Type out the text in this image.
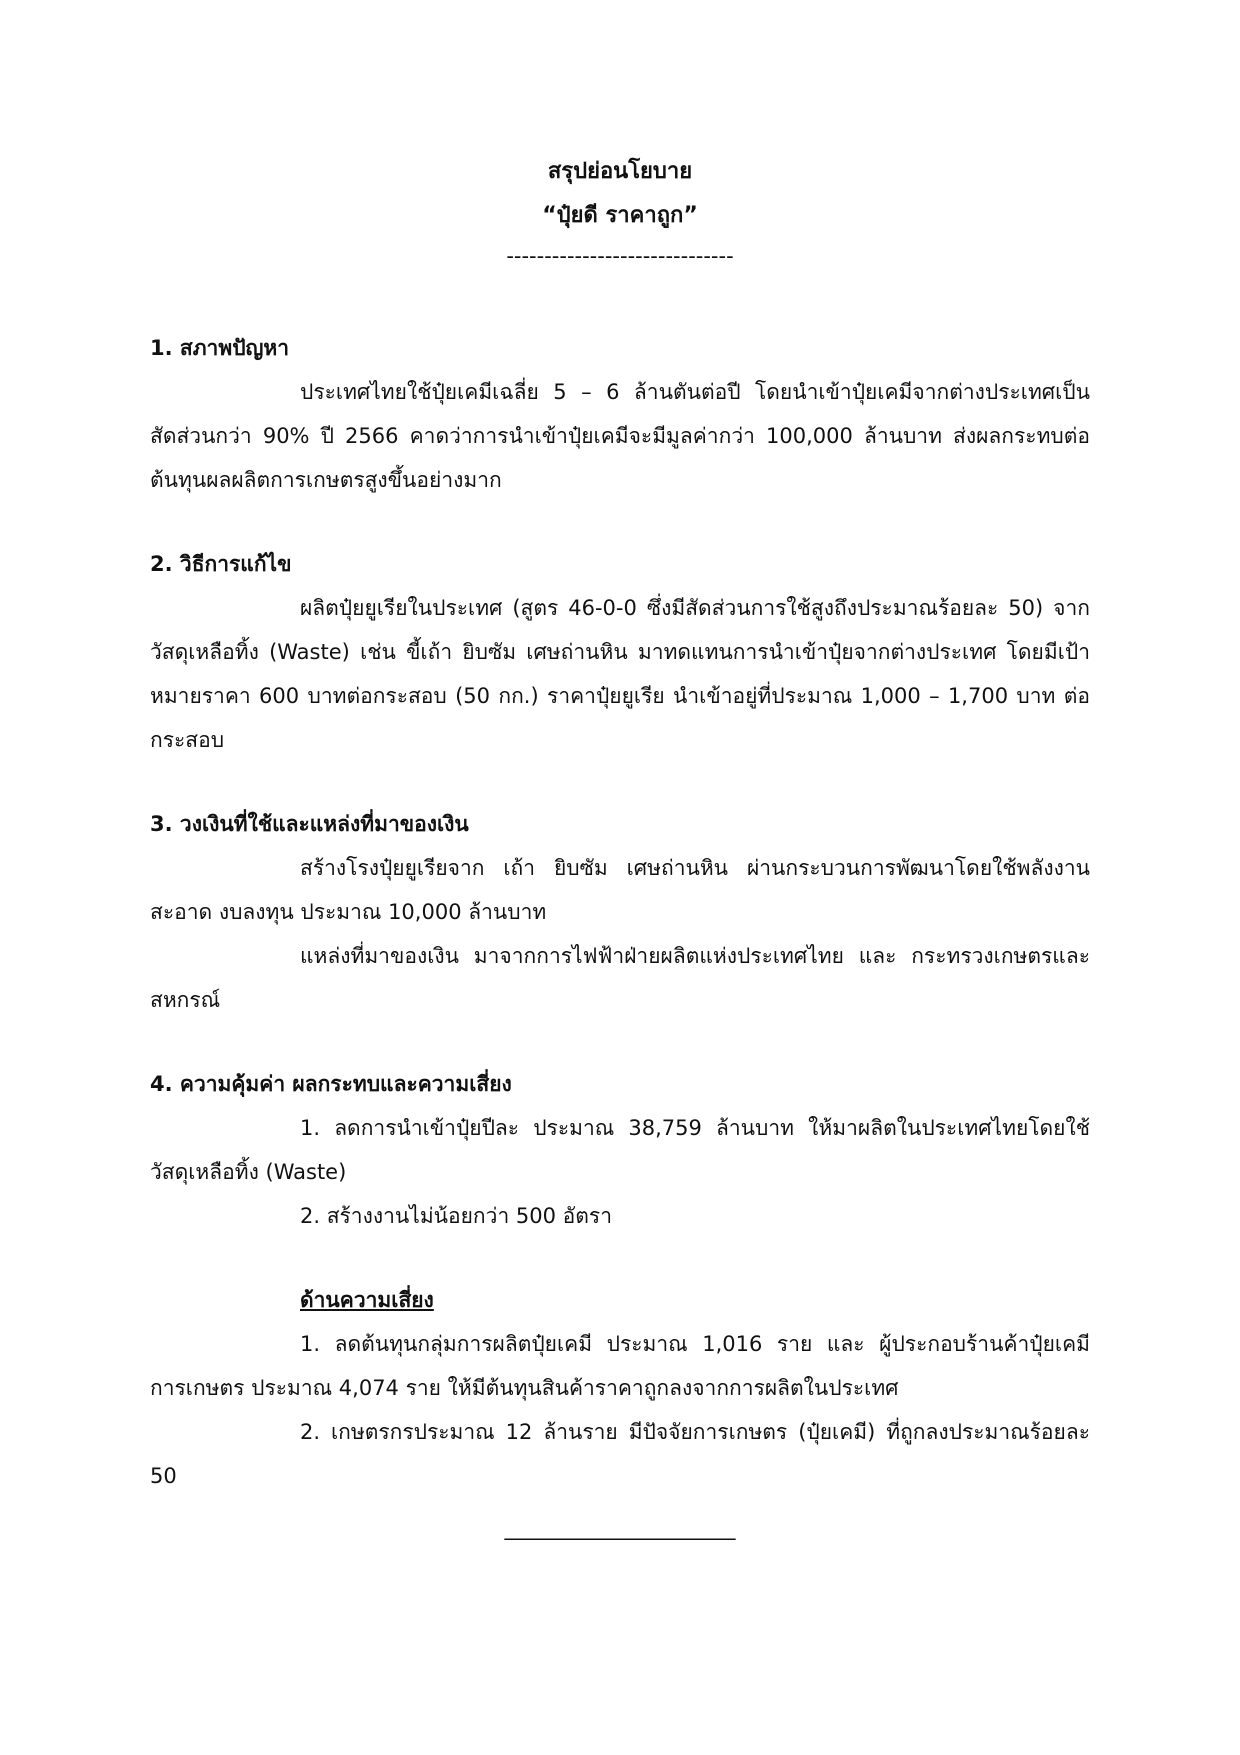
สรุปย่อนโยบาย
“ปุ๋ยดี ราคาถูก”
------------------------------
1. สภาพปัญหา
ประเทศไทยใช้ปุ๋ยเคมีเฉลี่ย 5 – 6 ล้านตันต่อปี โดยนำเข้าปุ๋ยเคมีจากต่างประเทศเป็นสัดส่วนกว่า 90% ปี 2566 คาดว่าการนำเข้าปุ๋ยเคมีจะมีมูลค่ากว่า 100,000 ล้านบาท ส่งผลกระทบต่อต้นทุนผลผลิตการเกษตรสูงขึ้นอย่างมาก
2. วิธีการแก้ไข
ผลิตปุ๋ยยูเรียในประเทศ (สูตร 46-0-0 ซึ่งมีสัดส่วนการใช้สูงถึงประมาณร้อยละ 50) จากวัสดุเหลือทิ้ง (Waste) เช่น ขี้เถ้า ยิบซัม เศษถ่านหิน มาทดแทนการนำเข้าปุ๋ยจากต่างประเทศ โดยมีเป้าหมายราคา 600 บาทต่อกระสอบ (50 กก.) ราคาปุ๋ยยูเรีย นำเข้าอยู่ที่ประมาณ 1,000 – 1,700 บาท ต่อกระสอบ
3. วงเงินที่ใช้และแหล่งที่มาของเงิน
สร้างโรงปุ๋ยยูเรียจาก เถ้า ยิบซัม เศษถ่านหิน ผ่านกระบวนการพัฒนาโดยใช้พลังงานสะอาด งบลงทุน ประมาณ 10,000 ล้านบาท
แหล่งที่มาของเงิน มาจากการไฟฟ้าฝ่ายผลิตแห่งประเทศไทย และ กระทรวงเกษตรและสหกรณ์
4. ความคุ้มค่า ผลกระทบและความเสี่ยง
1. ลดการนำเข้าปุ๋ยปีละ ประมาณ 38,759 ล้านบาท ให้มาผลิตในประเทศไทยโดยใช้ วัสดุเหลือทิ้ง (Waste)
2. สร้างงานไม่น้อยกว่า 500 อัตรา
ด้านความเสี่ยง
1. ลดต้นทุนกลุ่มการผลิตปุ๋ยเคมี ประมาณ 1,016 ราย และ ผู้ประกอบร้านค้าปุ๋ยเคมีการเกษตร ประมาณ 4,074 ราย ให้มีต้นทุนสินค้าราคาถูกลงจากการผลิตในประเทศ
2. เกษตรกรประมาณ 12 ล้านราย มีปัจจัยการเกษตร (ปุ๋ยเคมี) ที่ถูกลงประมาณร้อยละ 50
______________________
